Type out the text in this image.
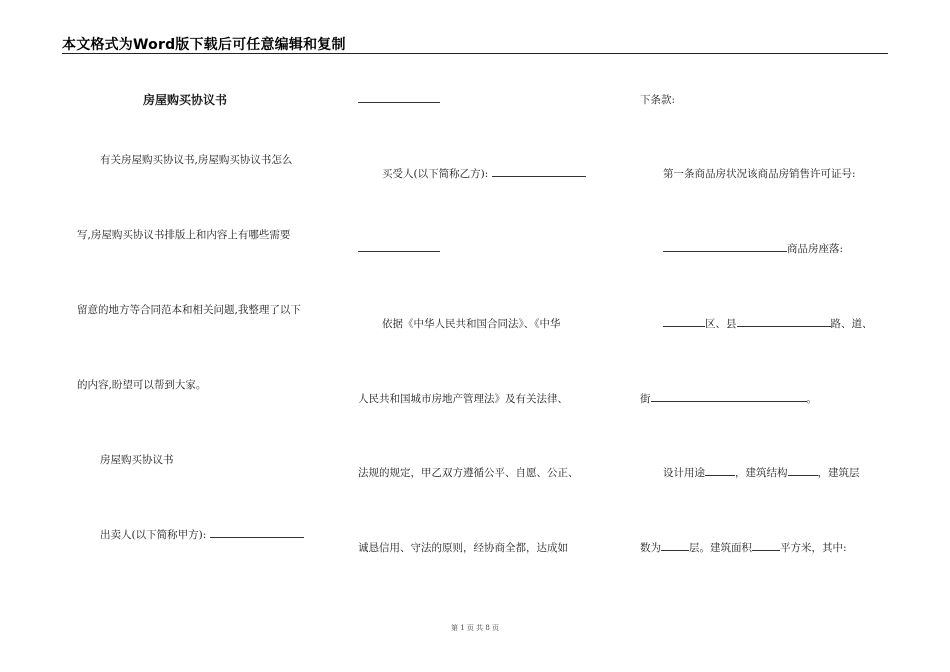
本文格式为Word版下载后可任意编辑和复制
房屋购买协议书
有关房屋购买协议书,房屋购买协议书怎么
写,房屋购买协议书排版上和内容上有哪些需要
留意的地方等合同范本和相关问题,我整理了以下
的内容,盼望可以帮到大家。
房屋购买协议书
出卖人(以下简称甲方):
买受人(以下简称乙方):
依据《中华人民共和国合同法》、《中华
人民共和国城市房地产管理法》及有关法律、
法规的规定，甲乙双方遵循公平、自愿、公正、
诚恳信用、守法的原则，经协商全都，达成如
下条款:
第一条商品房状况该商品房销售许可证号:
商品房座落:
区、县	路、道、
街	。
设计用途	，建筑结构	，建筑层
数为	层。建筑面积	平方米，其中:
第 1 页 共 8 页
